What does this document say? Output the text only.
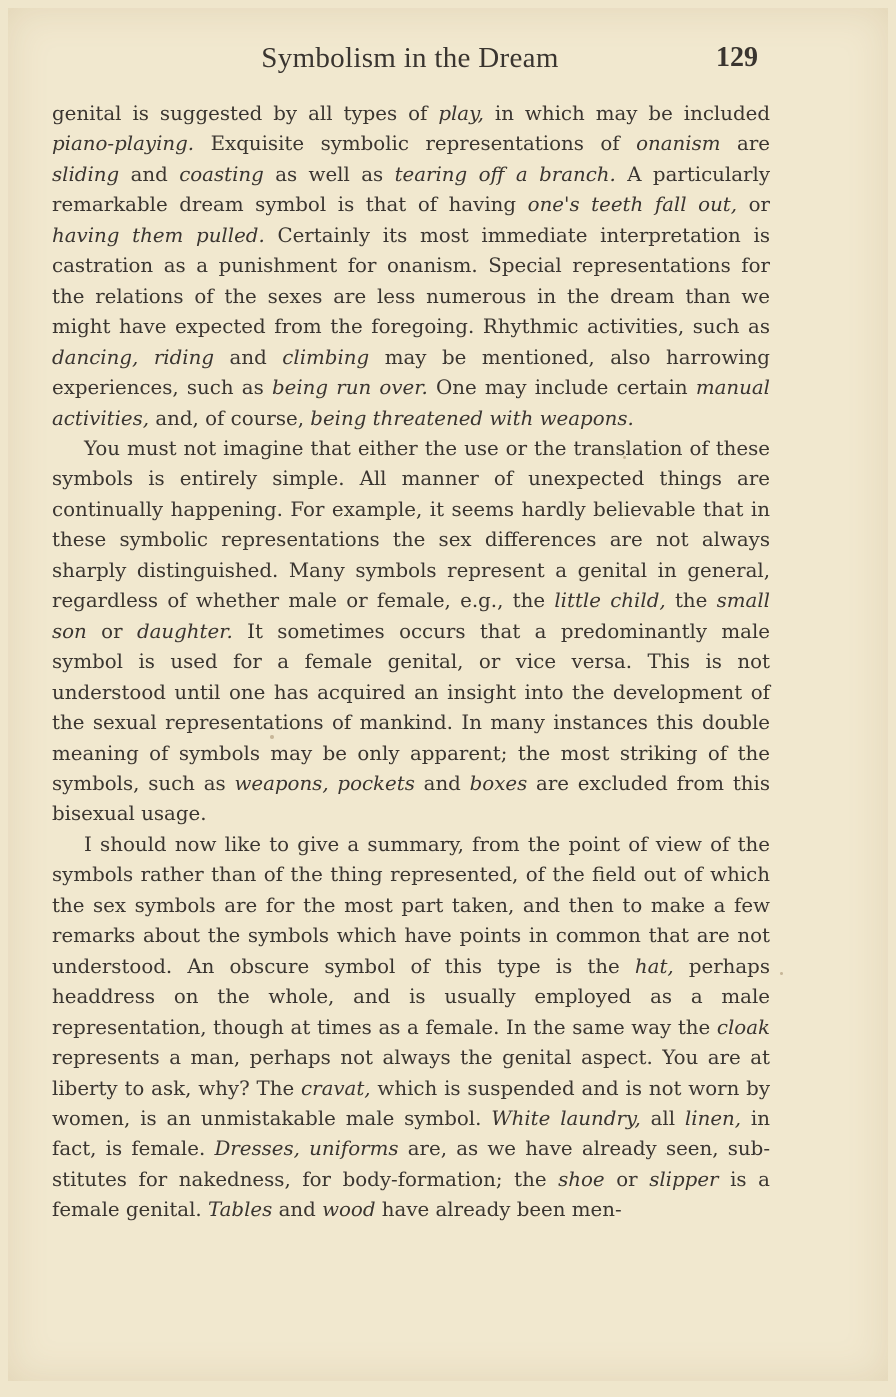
Symbolism in the Dream	129

genital is suggested by all types of play, in which may be included piano-playing. Exquisite symbolic representations of onanism are sliding and coasting as well as tearing off a branch. A particularly remarkable dream symbol is that of having one's teeth fall out, or having them pulled. Certainly its most immediate interpretation is castration as a punishment for onanism. Special representations for the relations of the sexes are less numerous in the dream than we might have expected from the foregoing. Rhythmic activities, such as dancing, riding and climbing may be mentioned, also harrowing experiences, such as being run over. One may include certain manual activities, and, of course, being threatened with weapons.

You must not imagine that either the use or the translation of these symbols is entirely simple. All manner of unexpected things are continually happening. For example, it seems hardly believable that in these symbolic representations the sex differences are not always sharply distinguished. Many symbols represent a genital in general, regardless of whether male or female, e.g., the little child, the small son or daughter. It sometimes occurs that a predominantly male symbol is used for a female genital, or vice versa. This is not understood until one has acquired an insight into the development of the sexual representations of mankind. In many instances this double meaning of symbols may be only apparent; the most striking of the symbols, such as weapons, pockets and boxes are excluded from this bisexual usage.

I should now like to give a summary, from the point of view of the symbols rather than of the thing represented, of the field out of which the sex symbols are for the most part taken, and then to make a few remarks about the symbols which have points in common that are not understood. An obscure symbol of this type is the hat, perhaps headdress on the whole, and is usually employed as a male representation, though at times as a female. In the same way the cloak represents a man, perhaps not always the genital aspect. You are at liberty to ask, why? The cravat, which is suspended and is not worn by women, is an unmistakable male symbol. White laundry, all linen, in fact, is female. Dresses, uniforms are, as we have already seen, substitutes for nakedness, for body-formation; the shoe or slipper is a female genital. Tables and wood have already been men-
